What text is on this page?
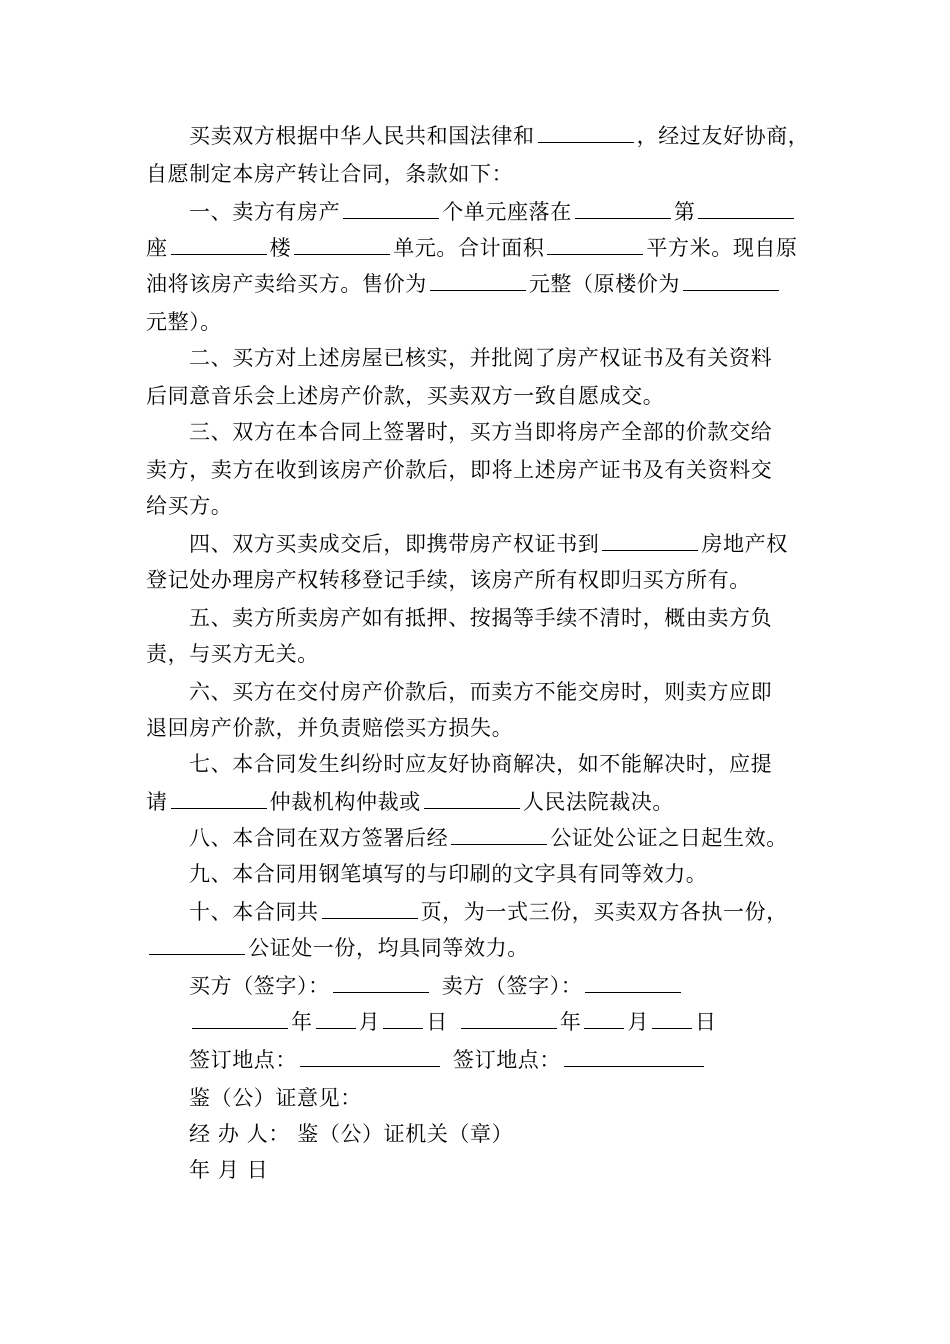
买卖双方根据中华人民共和国法律和	，经过友好协商，
自愿制定本房产转让合同，条款如下：
一、卖方有房产	个单元座落在	第
座	楼	单元。合计面积	平方米。现自原
油将该房产卖给买方。售价为	元整（原楼价为
元整）。
二、买方对上述房屋已核实，并批阅了房产权证书及有关资料
后同意音乐会上述房产价款，买卖双方一致自愿成交。
三、双方在本合同上签署时，买方当即将房产全部的价款交给
卖方，卖方在收到该房产价款后，即将上述房产证书及有关资料交
给买方。
四、双方买卖成交后，即携带房产权证书到	房地产权
登记处办理房产权转移登记手续，该房产所有权即归买方所有。
五、卖方所卖房产如有抵押、按揭等手续不清时，概由卖方负
责，与买方无关。
六、买方在交付房产价款后，而卖方不能交房时，则卖方应即
退回房产价款，并负责赔偿买方损失。
七、本合同发生纠纷时应友好协商解决，如不能解决时，应提
请	仲裁机构仲裁或	人民法院裁决。
八、本合同在双方签署后经	公证处公证之日起生效。
九、本合同用钢笔填写的与印刷的文字具有同等效力。
十、本合同共	页，为一式三份，买卖双方各执一份，
公证处一份，均具同等效力。
买方（签字）：	卖方（签字）：
年 月 日	年 月 日
签订地点：	签订地点：
鉴（公）证意见：
经 办 人： 鉴（公）证机关（章）
年 月 日
